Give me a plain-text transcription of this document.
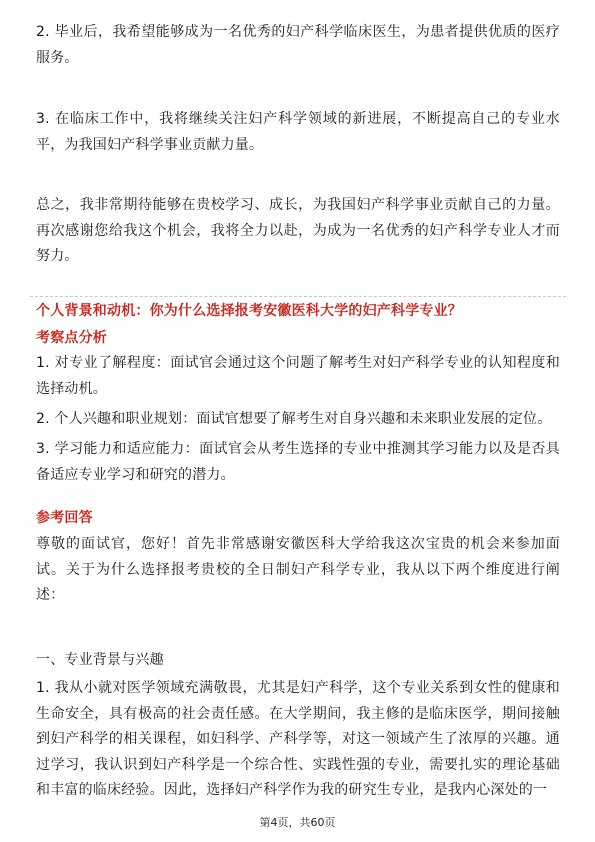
2. 毕业后，我希望能够成为一名优秀的妇产科学临床医生，为患者提供优质的医疗服务。

3. 在临床工作中，我将继续关注妇产科学领域的新进展，不断提高自己的专业水平，为我国妇产科学事业贡献力量。

总之，我非常期待能够在贵校学习、成长，为我国妇产科学事业贡献自己的力量。再次感谢您给我这个机会，我将全力以赴，为成为一名优秀的妇产科学专业人才而努力。

个人背景和动机：你为什么选择报考安徽医科大学的妇产科学专业？

考察点分析

1. 对专业了解程度：面试官会通过这个问题了解考生对妇产科学专业的认知程度和选择动机。

2. 个人兴趣和职业规划：面试官想要了解考生对自身兴趣和未来职业发展的定位。

3. 学习能力和适应能力：面试官会从考生选择的专业中推测其学习能力以及是否具备适应专业学习和研究的潜力。

参考回答

尊敬的面试官，您好！首先非常感谢安徽医科大学给我这次宝贵的机会来参加面试。关于为什么选择报考贵校的全日制妇产科学专业，我从以下两个维度进行阐述：

一、专业背景与兴趣

1. 我从小就对医学领域充满敬畏，尤其是妇产科学，这个专业关系到女性的健康和生命安全，具有极高的社会责任感。在大学期间，我主修的是临床医学，期间接触到妇产科学的相关课程，如妇科学、产科学等，对这一领域产生了浓厚的兴趣。通过学习，我认识到妇产科学是一个综合性、实践性强的专业，需要扎实的理论基础和丰富的临床经验。因此，选择妇产科学作为我的研究生专业，是我内心深处的一

第4页，共60页
